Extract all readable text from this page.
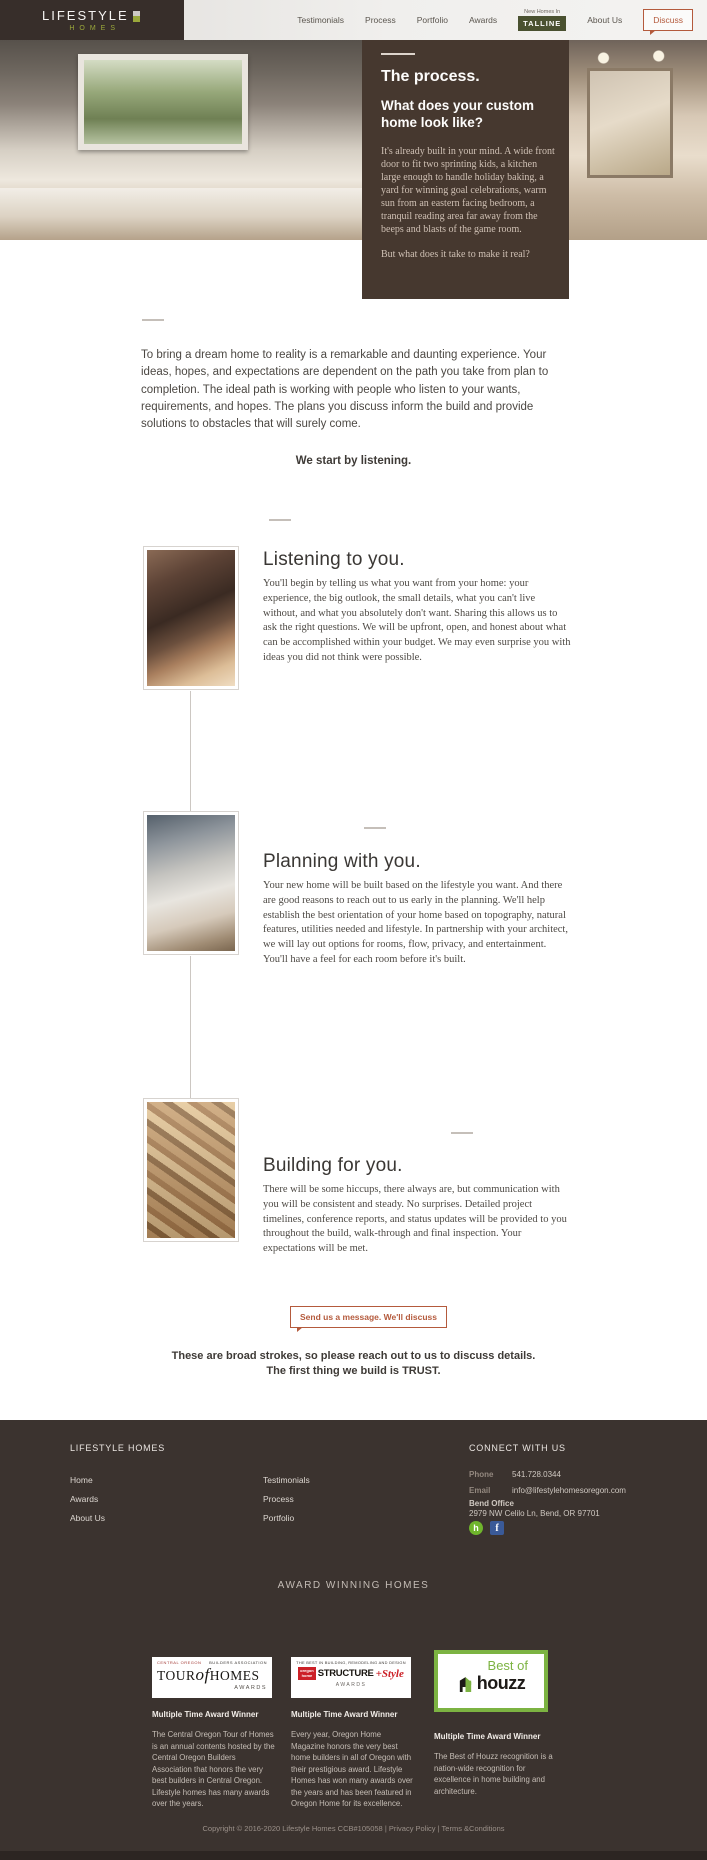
LIFESTYLE
HOMES
Testimonials Process Portfolio Awards
New Homes In
TALLINE	About Us	Discuss
The process.
What does your custom home look like?
It's already built in your mind. A wide front door to fit two sprinting kids, a kitchen large enough to handle holiday baking, a yard for winning goal celebrations, warm sun from an eastern facing bedroom, a tranquil reading area far away from the beeps and blasts of the game room.
But what does it take to make it real?
To bring a dream home to reality is a remarkable and daunting experience. Your ideas, hopes, and expectations are dependent on the path you take from plan to completion. The ideal path is working with people who listen to your wants, requirements, and hopes. The plans you discuss inform the build and provide solutions to obstacles that will surely come.
We start by listening.
Listening to you.
You'll begin by telling us what you want from your home: your experience, the big outlook, the small details, what you can't live without, and what you absolutely don't want. Sharing this allows us to ask the right questions. We will be upfront, open, and honest about what can be accomplished within your budget. We may even surprise you with ideas you did not think were possible.
Planning with you.
Your new home will be built based on the lifestyle you want. And there are good reasons to reach out to us early in the planning. We'll help establish the best orientation of your home based on topography, natural features, utilities needed and lifestyle. In partnership with your architect, we will lay out options for rooms, flow, privacy, and entertainment. You'll have a feel for each room before it's built.
Building for you.
There will be some hiccups, there always are, but communication with you will be consistent and steady. No surprises. Detailed project timelines, conference reports, and status updates will be provided to you throughout the build, walk-through and final inspection. Your expectations will be met.
Send us a message. We'll discuss
These are broad strokes, so please reach out to us to discuss details.
The first thing we build is TRUST.
LIFESTYLE HOMES
Home
Awards
About Us
Testimonials
Process
Portfolio
CONNECT WITH US
Phone 541.728.0344
Email	info@lifestylehomesoregon.com
Bend Office
2979 NW Celilo Ln, Bend, OR 97701
h	f
AWARD WINNING HOMES
CENTRAL OREGON BUILDERS ASSOCIATION
TOURofHOMES
AWARDS
THE BEST IN BUILDING, REMODELING AND DESIGN
oregon
home STRUCTURE +Style
AWARDS
Best of
houzz
Multiple Time Award Winner	Multiple Time Award Winner
Multiple Time Award Winner
The Central Oregon Tour of Homes is an annual contents hosted by the Central Oregon Builders Association that honors the very best builders in Central Oregon. Lifestyle homes has many awards over the years.
Every year, Oregon Home Magazine honors the very best home builders in all of Oregon with their prestigious award. Lifestyle Homes has won many awards over the years and has been featured in Oregon Home for its excellence.
The Best of Houzz recognition is a nation-wide recognition for excellence in home building and architecture.
Copyright © 2016-2020 Lifestyle Homes CCB#105058 | Privacy Policy | Terms &Conditions
